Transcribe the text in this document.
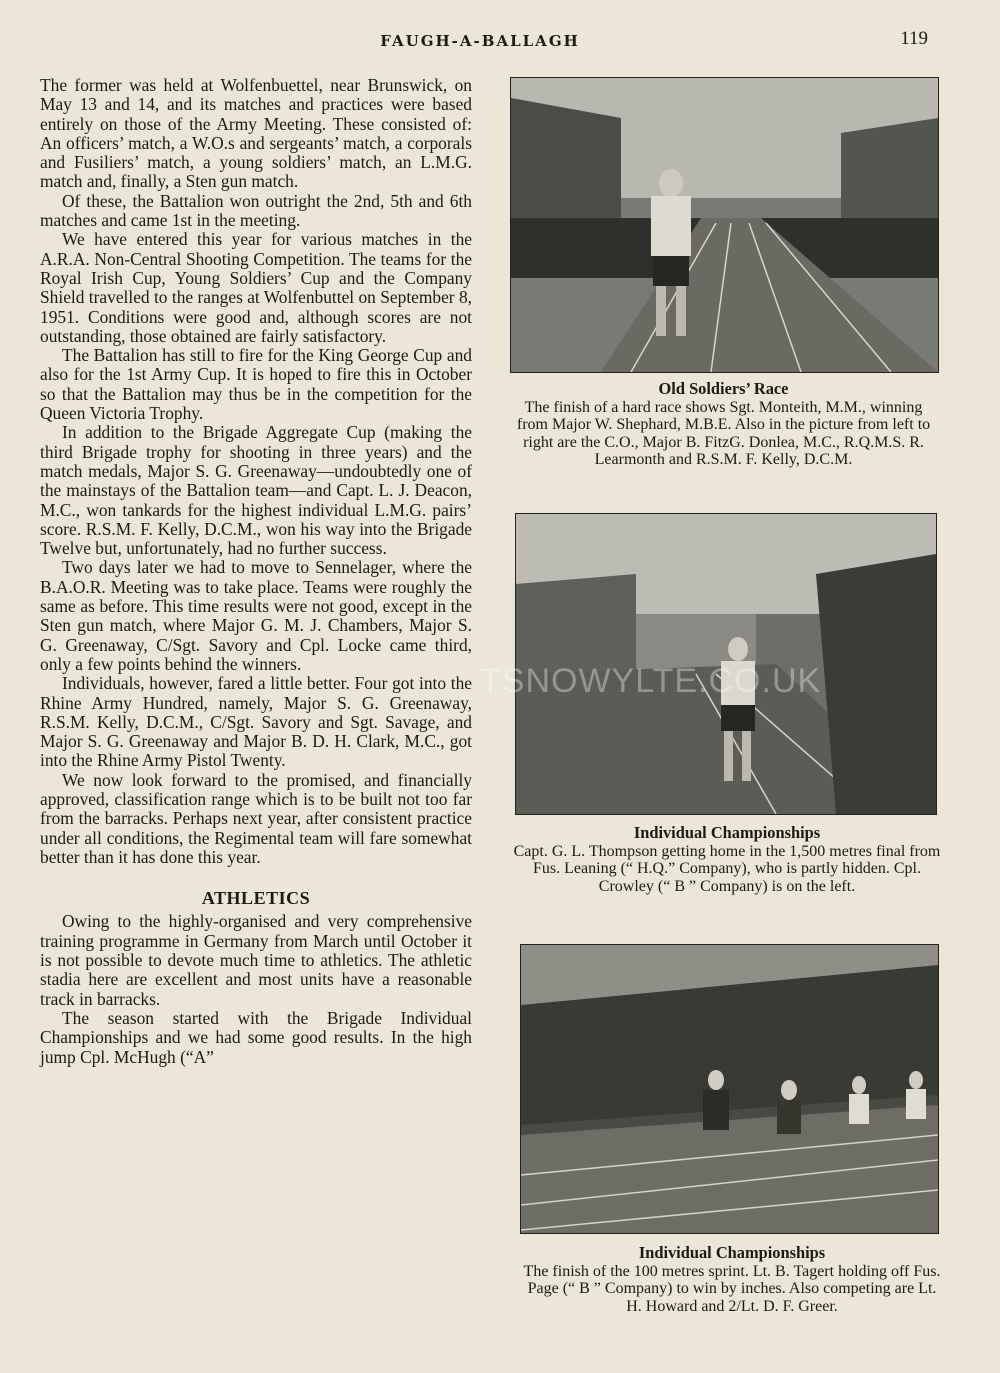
FAUGH-A-BALLAGH	119

The former was held at Wolfenbuettel, near Brunswick, on May 13 and 14, and its matches and practices were based entirely on those of the Army Meeting. These consisted of: An officers’ match, a W.O.s and sergeants’ match, a corporals and Fusiliers’ match, a young soldiers’ match, an L.M.G. match and, finally, a Sten gun match.

Of these, the Battalion won outright the 2nd, 5th and 6th matches and came 1st in the meeting.

We have entered this year for various matches in the A.R.A. Non-Central Shooting Competition. The teams for the Royal Irish Cup, Young Soldiers’ Cup and the Company Shield travelled to the ranges at Wolfenbuttel on September 8, 1951. Conditions were good and, although scores are not outstanding, those obtained are fairly satisfactory.

The Battalion has still to fire for the King George Cup and also for the 1st Army Cup. It is hoped to fire this in October so that the Battalion may thus be in the competition for the Queen Victoria Trophy.

In addition to the Brigade Aggregate Cup (making the third Brigade trophy for shooting in three years) and the match medals, Major S. G. Greenaway—undoubtedly one of the mainstays of the Battalion team—and Capt. L. J. Deacon, M.C., won tankards for the highest individual L.M.G. pairs’ score. R.S.M. F. Kelly, D.C.M., won his way into the Brigade Twelve but, unfortunately, had no further success.

Two days later we had to move to Sennelager, where the B.A.O.R. Meeting was to take place. Teams were roughly the same as before. This time results were not good, except in the Sten gun match, where Major G. M. J. Chambers, Major S. G. Greenaway, C/Sgt. Savory and Cpl. Locke came third, only a few points behind the winners.

Individuals, however, fared a little better. Four got into the Rhine Army Hundred, namely, Major S. G. Greenaway, R.S.M. Kelly, D.C.M., C/Sgt. Savory and Sgt. Savage, and Major S. G. Greenaway and Major B. D. H. Clark, M.C., got into the Rhine Army Pistol Twenty.

We now look forward to the promised, and financially approved, classification range which is to be built not too far from the barracks. Perhaps next year, after consistent practice under all conditions, the Regimental team will fare somewhat better than it has done this year.

ATHLETICS

Owing to the highly-organised and very comprehensive training programme in Germany from March until October it is not possible to devote much time to athletics. The athletic stadia here are excellent and most units have a reasonable track in barracks.

The season started with the Brigade Individual Championships and we had some good results. In the high jump Cpl. McHugh (“A”

Old Soldiers’ Race
The finish of a hard race shows Sgt. Monteith, M.M., winning from Major W. Shephard, M.B.E. Also in the picture from left to right are the C.O., Major B. FitzG. Donlea, M.C., R.Q.M.S. R. Learmonth and R.S.M. F. Kelly, D.C.M.
Individual Championships
Capt. G. L. Thompson getting home in the 1,500 metres final from Fus. Leaning (“ H.Q.” Company), who is partly hidden. Cpl. Crowley (“ B ” Company) is on the left.
Individual Championships
The finish of the 100 metres sprint. Lt. B. Tagert holding off Fus. Page (“ B ” Company) to win by inches. Also competing are Lt. H. Howard and 2/Lt. D. F. Greer.
TSNOWYLTE.CO.UK
